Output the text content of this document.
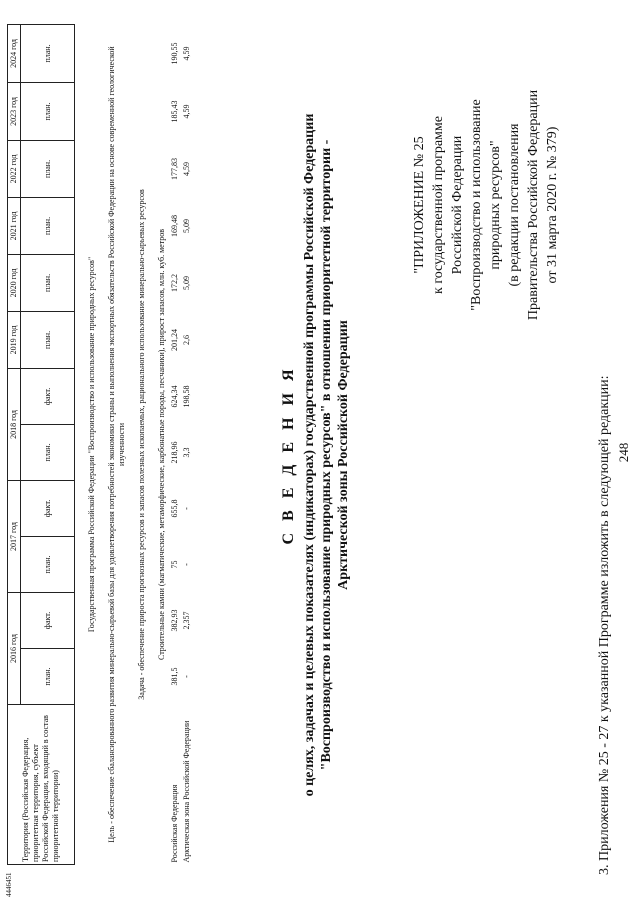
248
3. Приложения № 25 - 27 к указанной Программе изложить в следующей редакции:
"ПРИЛОЖЕНИЕ № 25 к государственной программе Российской Федерации "Воспроизводство и использование природных ресурсов" (в редакции постановления Правительства Российской Федерации от 31 марта 2020 г. № 379)
С В Е Д Е Н И Я о целях, задачах и целевых показателях (индикаторах) государственной программы Российской Федерации "Воспроизводство и использование природных ресурсов" в отношении приоритетной территории - Арктической зоны Российской Федерации
Территория (Российская Федерация, приоритетная территория, субъект Российской Федерации, входящий в состав приоритетной территории)	2016 год		2017 год		2018 год		2019 год	2020 год	2021 год	2022 год	2023 год	2024 год
	план.	факт.	план.	факт.	план.	факт.	план.	план.	план.	план.	план.	план.
Государственная программа Российской Федерации "Воспроизводство и использование природных ресурсов"												
Цель - обеспечение сбалансированного развития минерально-сырьевой базы для удовлетворения потребностей экономики страны и выполнения экспортных обязательств Российской Федерации на основе современной геологической изученности												
Задача - обеспечение прироста прогнозных ресурсов и запасов полезных ископаемых, рационального использование минерально-сырьевых ресурсов												
Строительные камни (магматические, метаморфические, карбонатные породы, песчаники), прирост запасов, млн. куб. метров												
Российская Федерация	381,5	382,93	75	655,8	218,96	624,34	201,24	172,2	169,48	177,83	185,43	190,55
Арктическая зона Российской Федерации	-	2,357	-	-	3,3	198,58	2,6	5,09	5,09	4,59	4,59	4,59
4446451
